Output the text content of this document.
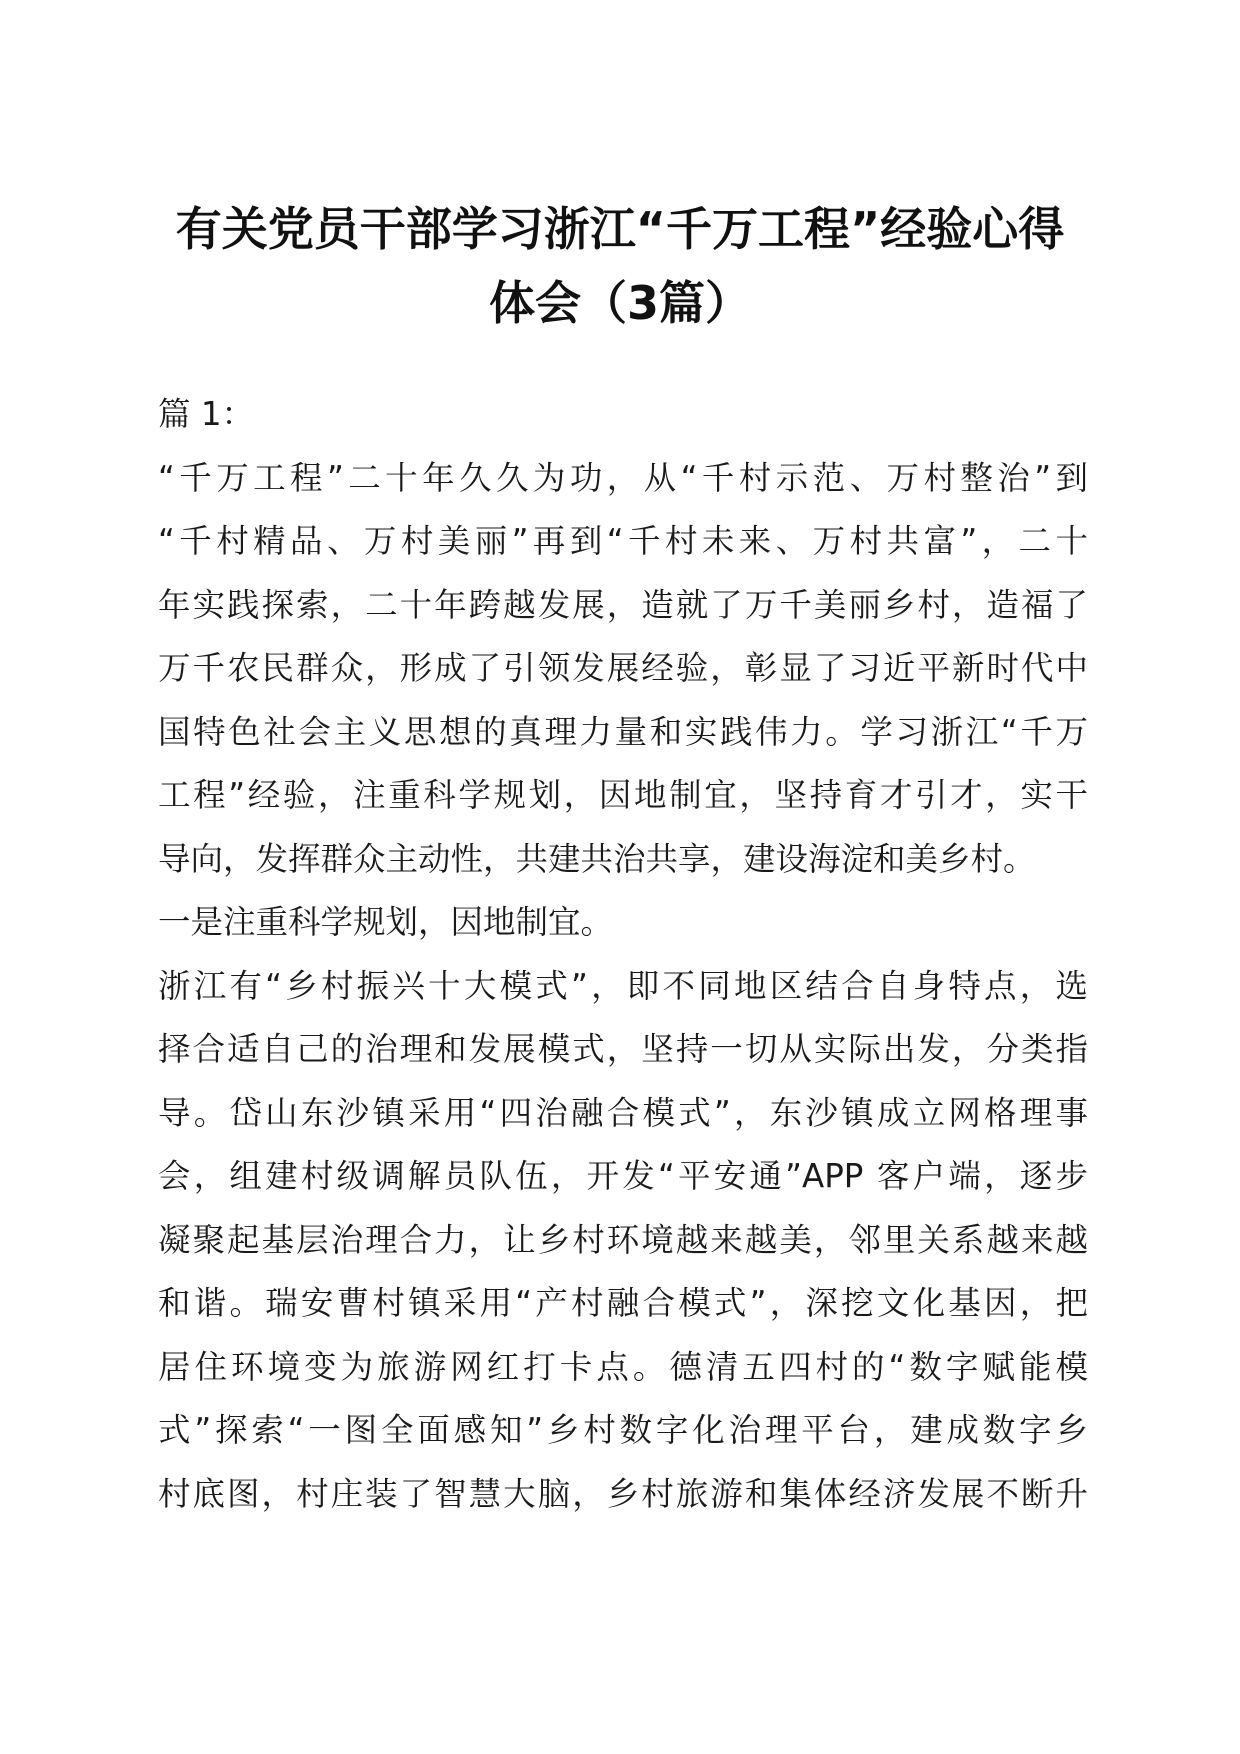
有关党员干部学习浙江“千万工程”经验心得
体会（3篇）
篇 1：
“千万工程”二十年久久为功，从“千村示范、万村整治”到
“千村精品、万村美丽”再到“千村未来、万村共富”，二十
年实践探索，二十年跨越发展，造就了万千美丽乡村，造福了
万千农民群众，形成了引领发展经验，彰显了习近平新时代中
国特色社会主义思想的真理力量和实践伟力。学习浙江“千万
工程”经验，注重科学规划，因地制宜，坚持育才引才，实干
导向，发挥群众主动性，共建共治共享，建设海淀和美乡村。
一是注重科学规划，因地制宜。
浙江有“乡村振兴十大模式”，即不同地区结合自身特点，选
择合适自己的治理和发展模式，坚持一切从实际出发，分类指
导。岱山东沙镇采用“四治融合模式”，东沙镇成立网格理事
会，组建村级调解员队伍，开发“平安通”APP 客户端，逐步
凝聚起基层治理合力，让乡村环境越来越美，邻里关系越来越
和谐。瑞安曹村镇采用“产村融合模式”，深挖文化基因，把
居住环境变为旅游网红打卡点。德清五四村的“数字赋能模
式”探索“一图全面感知”乡村数字化治理平台，建成数字乡
村底图，村庄装了智慧大脑，乡村旅游和集体经济发展不断升
